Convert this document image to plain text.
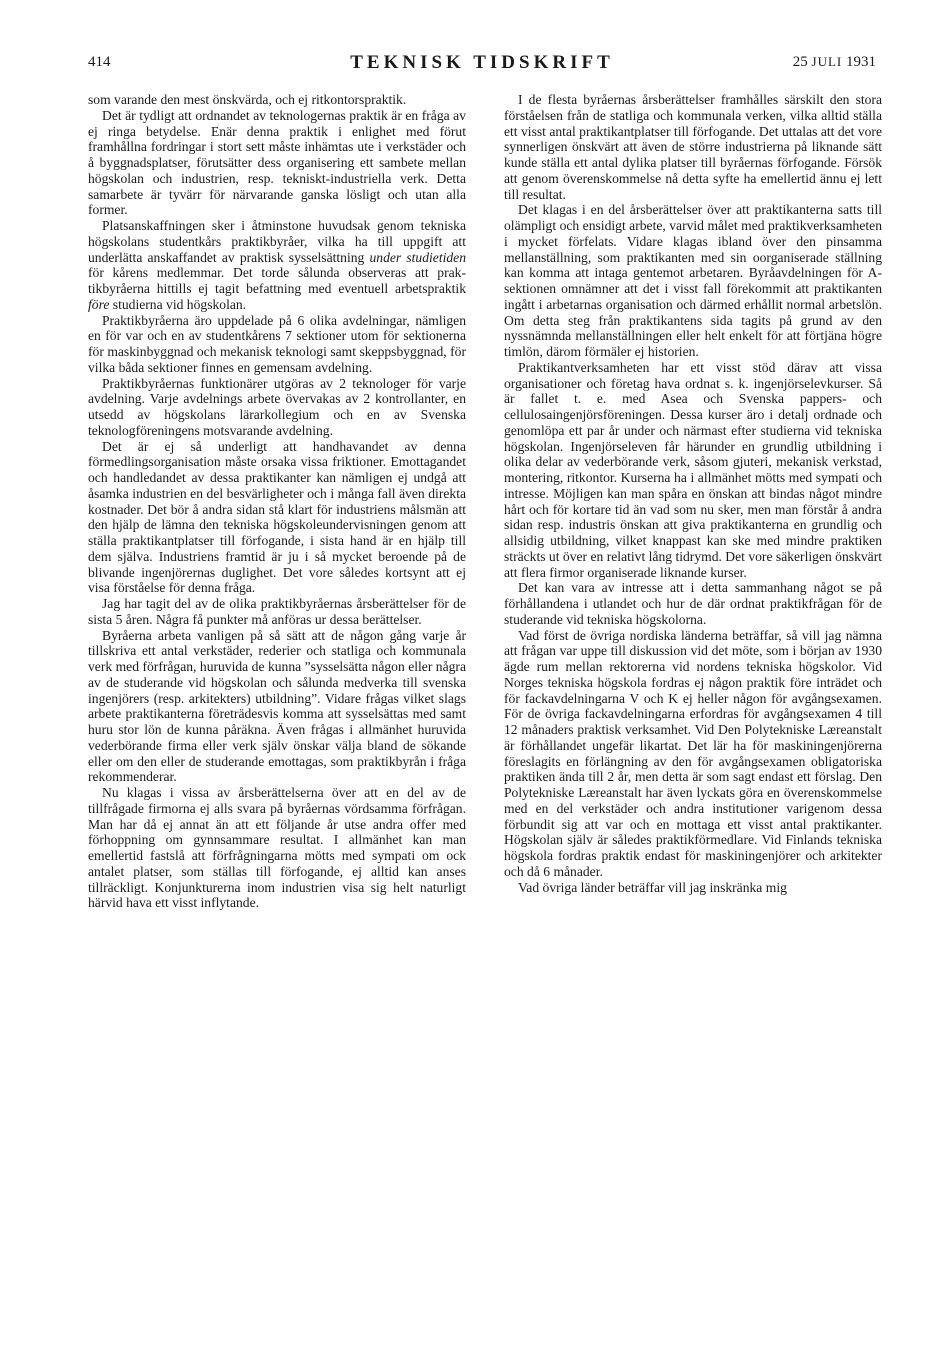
414	TEKNISK TIDSKRIFT	25 JULI 1931

som varande den mest önskvärda, och ej ritkontorspraktik.

Det är tydligt att ordnandet av teknologernas praktik är en fråga av ej ringa betydelse. Enär denna praktik i enlighet med förut framhållna fordringar i stort sett måste inhämtas ute i verkstäder och å byggnadsplatser, förutsätter dess organisering ett sambete mellan högskolan och industrien, resp. tekniskt-industriella verk. Detta samarbete är tyvärr för närvarande ganska lösligt och utan alla former.

Platsanskaffningen sker i åtminstone huvudsak genom tekniska högskolans studentkårs praktikbyråer, vilka ha till uppgift att underlätta anskaffandet av praktisk sysselsättning under studietiden för kårens medlemmar. Det torde sålunda observeras att praktikbyråerna hittills ej tagit befattning med eventuell arbetspraktik före studierna vid högskolan.

Praktikbyråerna äro uppdelade på 6 olika avdelningar, nämligen en för var och en av studentkårens 7 sektioner utom för sektionerna för maskinbyggnad och mekanisk teknologi samt skeppsbyggnad, för vilka båda sektioner finnes en gemensam avdelning.

Praktikbyråernas funktionärer utgöras av 2 teknologer för varje avdelning. Varje avdelnings arbete övervakas av 2 kontrollanter, en utsedd av högskolans lärarkollegium och en av Svenska teknologföreningens motsvarande avdelning.

Det är ej så underligt att handhavandet av denna förmedlingsorganisation måste orsaka vissa friktioner. Emottagandet och handledandet av dessa praktikanter kan nämligen ej undgå att åsamka industrien en del besvärligheter och i många fall även direkta kostnader. Det bör å andra sidan stå klart för industriens målsmän att den hjälp de lämna den tekniska högskoleundervisningen genom att ställa praktikantplatser till förfogande, i sista hand är en hjälp till dem själva. Industriens framtid är ju i så mycket beroende på de blivande ingenjörernas duglighet. Det vore således kortsynt att ej visa förståelse för denna fråga.

Jag har tagit del av de olika praktikbyråernas årsberättelser för de sista 5 åren. Några få punkter må anföras ur dessa berättelser.

Byråerna arbeta vanligen på så sätt att de någon gång varje år tillskriva ett antal verkstäder, rederier och statliga och kommunala verk med förfrågan, huruvida de kunna ”sysselsätta någon eller några av de studerande vid högskolan och sålunda medverka till svenska ingenjörers (resp. arkitekters) utbildning”. Vidare frågas vilket slags arbete praktikanterna företrädesvis komma att sysselsättas med samt huru stor lön de kunna påräkna. Även frågas i allmänhet huruvida vederbörande firma eller verk själv önskar välja bland de sökande eller om den eller de studerande emottagas, som praktikbyrån i fråga rekommenderar.

Nu klagas i vissa av årsberättelserna över att en del av de tillfrågade firmorna ej alls svara på byråernas vördsamma förfrågan. Man har då ej annat än att ett följande år utse andra offer med förhoppning om gynnsammare resultat. I allmänhet kan man emellertid fastslå att förfrågningarna mötts med sympati om ock antalet platser, som ställas till förfogande, ej alltid kan anses tillräckligt. Konjunkturerna inom industrien visa sig helt naturligt härvid hava ett visst inflytande.

I de flesta byråernas årsberättelser framhålles särskilt den stora förståelsen från de statliga och kommunala verken, vilka alltid ställa ett visst antal praktikantplatser till förfogande. Det uttalas att det vore synnerligen önskvärt att även de större industrierna på liknande sätt kunde ställa ett antal dylika platser till byråernas förfogande. Försök att genom överenskommelse nå detta syfte ha emellertid ännu ej lett till resultat.

Det klagas i en del årsberättelser över att praktikanterna satts till olämpligt och ensidigt arbete, varvid målet med praktikverksamheten i mycket förfelats. Vidare klagas ibland över den pinsamma mellanställning, som praktikanten med sin oorganiserade ställning kan komma att intaga gentemot arbetaren. Byråavdelningen för A-sektionen omnämner att det i visst fall förekommit att praktikanten ingått i arbetarnas organisation och därmed erhållit normal arbetslön. Om detta steg från praktikantens sida tagits på grund av den nyssnämnda mellanställningen eller helt enkelt för att förtjäna högre timlön, därom förmäler ej historien.

Praktikantverksamheten har ett visst stöd därav att vissa organisationer och företag hava ordnat s. k. ingenjörselevkurser. Så är fallet t. e. med Asea och Svenska pappers- och cellulosaingenjörsföreningen. Dessa kurser äro i detalj ordnade och genomlöpa ett par år under och närmast efter studierna vid tekniska högskolan. Ingenjörseleven får härunder en grundlig utbildning i olika delar av vederbörande verk, såsom gjuteri, mekanisk verkstad, montering, ritkontor. Kurserna ha i allmänhet mötts med sympati och intresse. Möjligen kan man spåra en önskan att bindas något mindre hårt och för kortare tid än vad som nu sker, men man förstår å andra sidan resp. industris önskan att giva praktikanterna en grundlig och allsidig utbildning, vilket knappast kan ske med mindre praktiken sträckts ut över en relativt lång tidrymd. Det vore säkerligen önskvärt att flera firmor organiserade liknande kurser.

Det kan vara av intresse att i detta sammanhang något se på förhållandena i utlandet och hur de där ordnat praktikfrågan för de studerande vid tekniska högskolorna.

Vad först de övriga nordiska länderna beträffar, så vill jag nämna att frågan var uppe till diskussion vid det möte, som i början av 1930 ägde rum mellan rektorerna vid nordens tekniska högskolor. Vid Norges tekniska högskola fordras ej någon praktik före inträdet och för fackavdelningarna V och K ej heller någon för avgångsexamen. För de övriga fackavdelningarna erfordras för avgångsexamen 4 till 12 månaders praktisk verksamhet. Vid Den Polytekniske Læreanstalt är förhållandet ungefär likartat. Det lär ha för maskiningenjörerna föreslagits en förlängning av den för avgångsexamen obligatoriska praktiken ända till 2 år, men detta är som sagt endast ett förslag. Den Polytekniske Læreanstalt har även lyckats göra en överenskommelse med en del verkstäder och andra institutioner varigenom dessa förbundit sig att var och en mottaga ett visst antal praktikanter. Högskolan själv är således praktikförmedlare. Vid Finlands tekniska högskola fordras praktik endast för maskiningenjörer och arkitekter och då 6 månader.

Vad övriga länder beträffar vill jag inskränka mig
